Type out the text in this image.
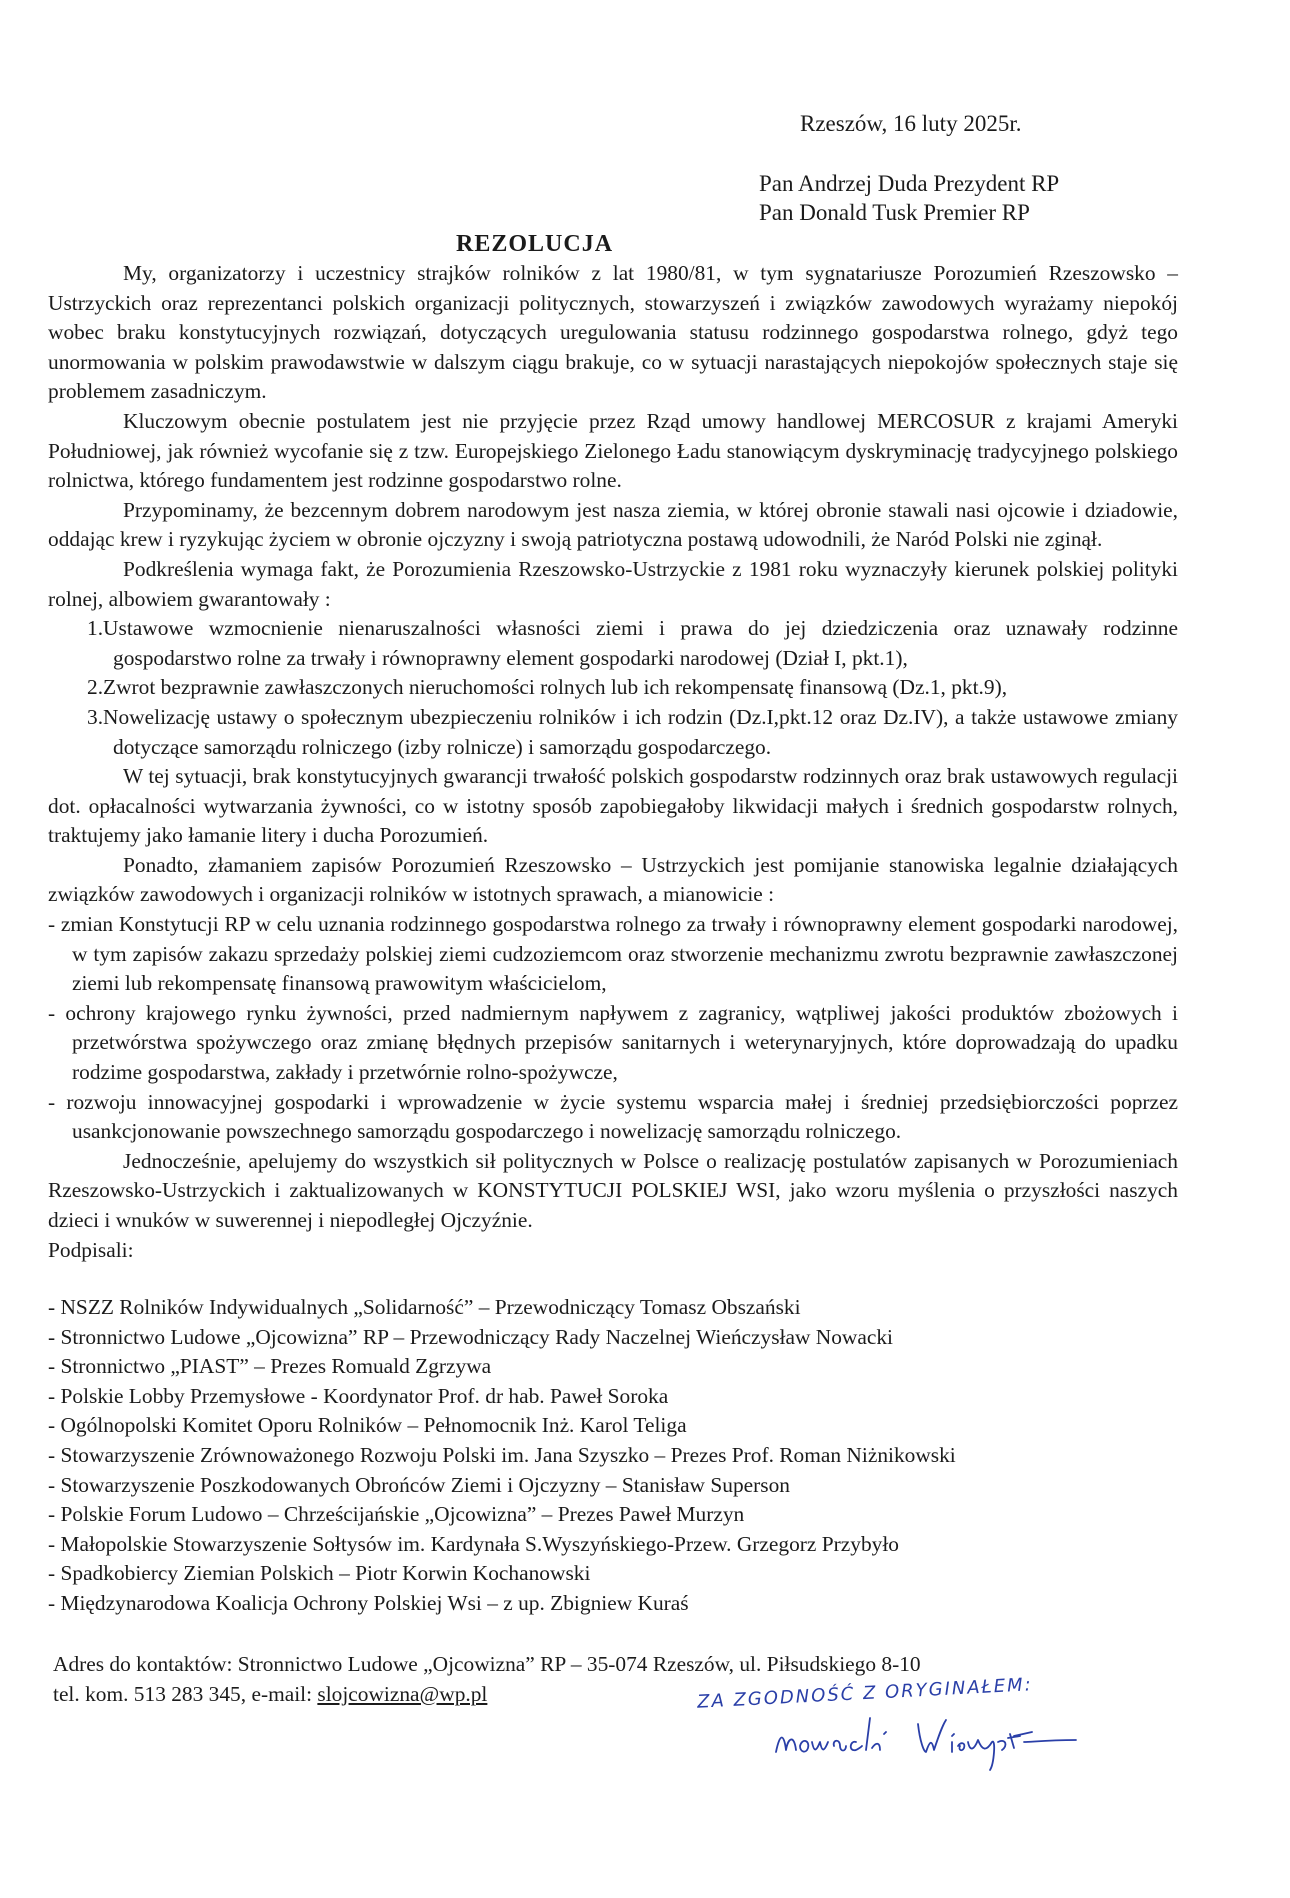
Rzeszów, 16 luty 2025r.
Pan Andrzej Duda Prezydent RP
Pan Donald Tusk Premier RP
REZOLUCJA

My, organizatorzy i uczestnicy strajków rolników z lat 1980/81, w tym sygnatariusze Porozumień Rzeszowsko – Ustrzyckich oraz reprezentanci polskich organizacji politycznych, stowarzyszeń i związków zawodowych wyrażamy niepokój wobec braku konstytucyjnych rozwiązań, dotyczących uregulowania statusu rodzinnego gospodarstwa rolnego, gdyż tego unormowania w polskim prawodawstwie w dalszym ciągu brakuje, co w sytuacji narastających niepokojów społecznych staje się problemem zasadniczym.

Kluczowym obecnie postulatem jest nie przyjęcie przez Rząd umowy handlowej MERCOSUR z krajami Ameryki Południowej, jak również wycofanie się z tzw. Europejskiego Zielonego Ładu stanowiącym dyskryminację tradycyjnego polskiego rolnictwa, którego fundamentem jest rodzinne gospodarstwo rolne.

Przypominamy, że bezcennym dobrem narodowym jest nasza ziemia, w której obronie stawali nasi ojcowie i dziadowie, oddając krew i ryzykując życiem w obronie ojczyzny i swoją patriotyczna postawą udowodnili, że Naród Polski nie zginął.

Podkreślenia wymaga fakt, że Porozumienia Rzeszowsko-Ustrzyckie z 1981 roku wyznaczyły kierunek polskiej polityki rolnej, albowiem gwarantowały :

1.Ustawowe wzmocnienie nienaruszalności własności ziemi i prawa do jej dziedziczenia oraz uznawały rodzinne gospodarstwo rolne za trwały i równoprawny element gospodarki narodowej (Dział I, pkt.1),

2.Zwrot bezprawnie zawłaszczonych nieruchomości rolnych lub ich rekompensatę finansową (Dz.1, pkt.9),

3.Nowelizację ustawy o społecznym ubezpieczeniu rolników i ich rodzin (Dz.I,pkt.12 oraz Dz.IV), a także ustawowe zmiany dotyczące samorządu rolniczego (izby rolnicze) i samorządu gospodarczego.

W tej sytuacji, brak konstytucyjnych gwarancji trwałość polskich gospodarstw rodzinnych oraz brak ustawowych regulacji dot. opłacalności wytwarzania żywności, co w istotny sposób zapobiegałoby likwidacji małych i średnich gospodarstw rolnych, traktujemy jako łamanie litery i ducha Porozumień.

Ponadto, złamaniem zapisów Porozumień Rzeszowsko – Ustrzyckich jest pomijanie stanowiska legalnie działających związków zawodowych i organizacji rolników w istotnych sprawach, a mianowicie :

- zmian Konstytucji RP w celu uznania rodzinnego gospodarstwa rolnego za trwały i równoprawny element gospodarki narodowej, w tym zapisów zakazu sprzedaży polskiej ziemi cudzoziemcom oraz stworzenie mechanizmu zwrotu bezprawnie zawłaszczonej ziemi lub rekompensatę finansową prawowitym właścicielom,

- ochrony krajowego rynku żywności, przed nadmiernym napływem z zagranicy, wątpliwej jakości produktów zbożowych i przetwórstwa spożywczego oraz zmianę błędnych przepisów sanitarnych i weterynaryjnych, które doprowadzają do upadku rodzime gospodarstwa, zakłady i przetwórnie rolno-spożywcze,

- rozwoju innowacyjnej gospodarki i wprowadzenie w życie systemu wsparcia małej i średniej przedsiębiorczości poprzez usankcjonowanie powszechnego samorządu gospodarczego i nowelizację samorządu rolniczego.

Jednocześnie, apelujemy do wszystkich sił politycznych w Polsce o realizację postulatów zapisanych w Porozumieniach Rzeszowsko-Ustrzyckich i zaktualizowanych w KONSTYTUCJI POLSKIEJ WSI, jako wzoru myślenia o przyszłości naszych dzieci i wnuków w suwerennej i niepodległej Ojczyźnie.

Podpisali:

- NSZZ Rolników Indywidualnych „Solidarność” – Przewodniczący Tomasz Obszański
- Stronnictwo Ludowe „Ojcowizna” RP – Przewodniczący Rady Naczelnej Wieńczysław Nowacki
- Stronnictwo „PIAST” – Prezes Romuald Zgrzywa
- Polskie Lobby Przemysłowe - Koordynator Prof. dr hab. Paweł Soroka
- Ogólnopolski Komitet Oporu Rolników – Pełnomocnik Inż. Karol Teliga
- Stowarzyszenie Zrównoważonego Rozwoju Polski im. Jana Szyszko – Prezes Prof. Roman Niżnikowski
- Stowarzyszenie Poszkodowanych Obrońców Ziemi i Ojczyzny – Stanisław Superson
- Polskie Forum Ludowo – Chrześcijańskie „Ojcowizna” – Prezes Paweł Murzyn
- Małopolskie Stowarzyszenie Sołtysów im. Kardynała S.Wyszyńskiego-Przew. Grzegorz Przybyło
- Spadkobiercy Ziemian Polskich – Piotr Korwin Kochanowski
- Międzynarodowa Koalicja Ochrony Polskiej Wsi – z up. Zbigniew Kuraś
Adres do kontaktów: Stronnictwo Ludowe „Ojcowizna” RP – 35-074 Rzeszów, ul. Piłsudskiego 8-10
tel. kom. 513 283 345, e-mail: slojcowizna@wp.pl	ZA ZGODNOŚĆ Z ORYGINAŁEM:
